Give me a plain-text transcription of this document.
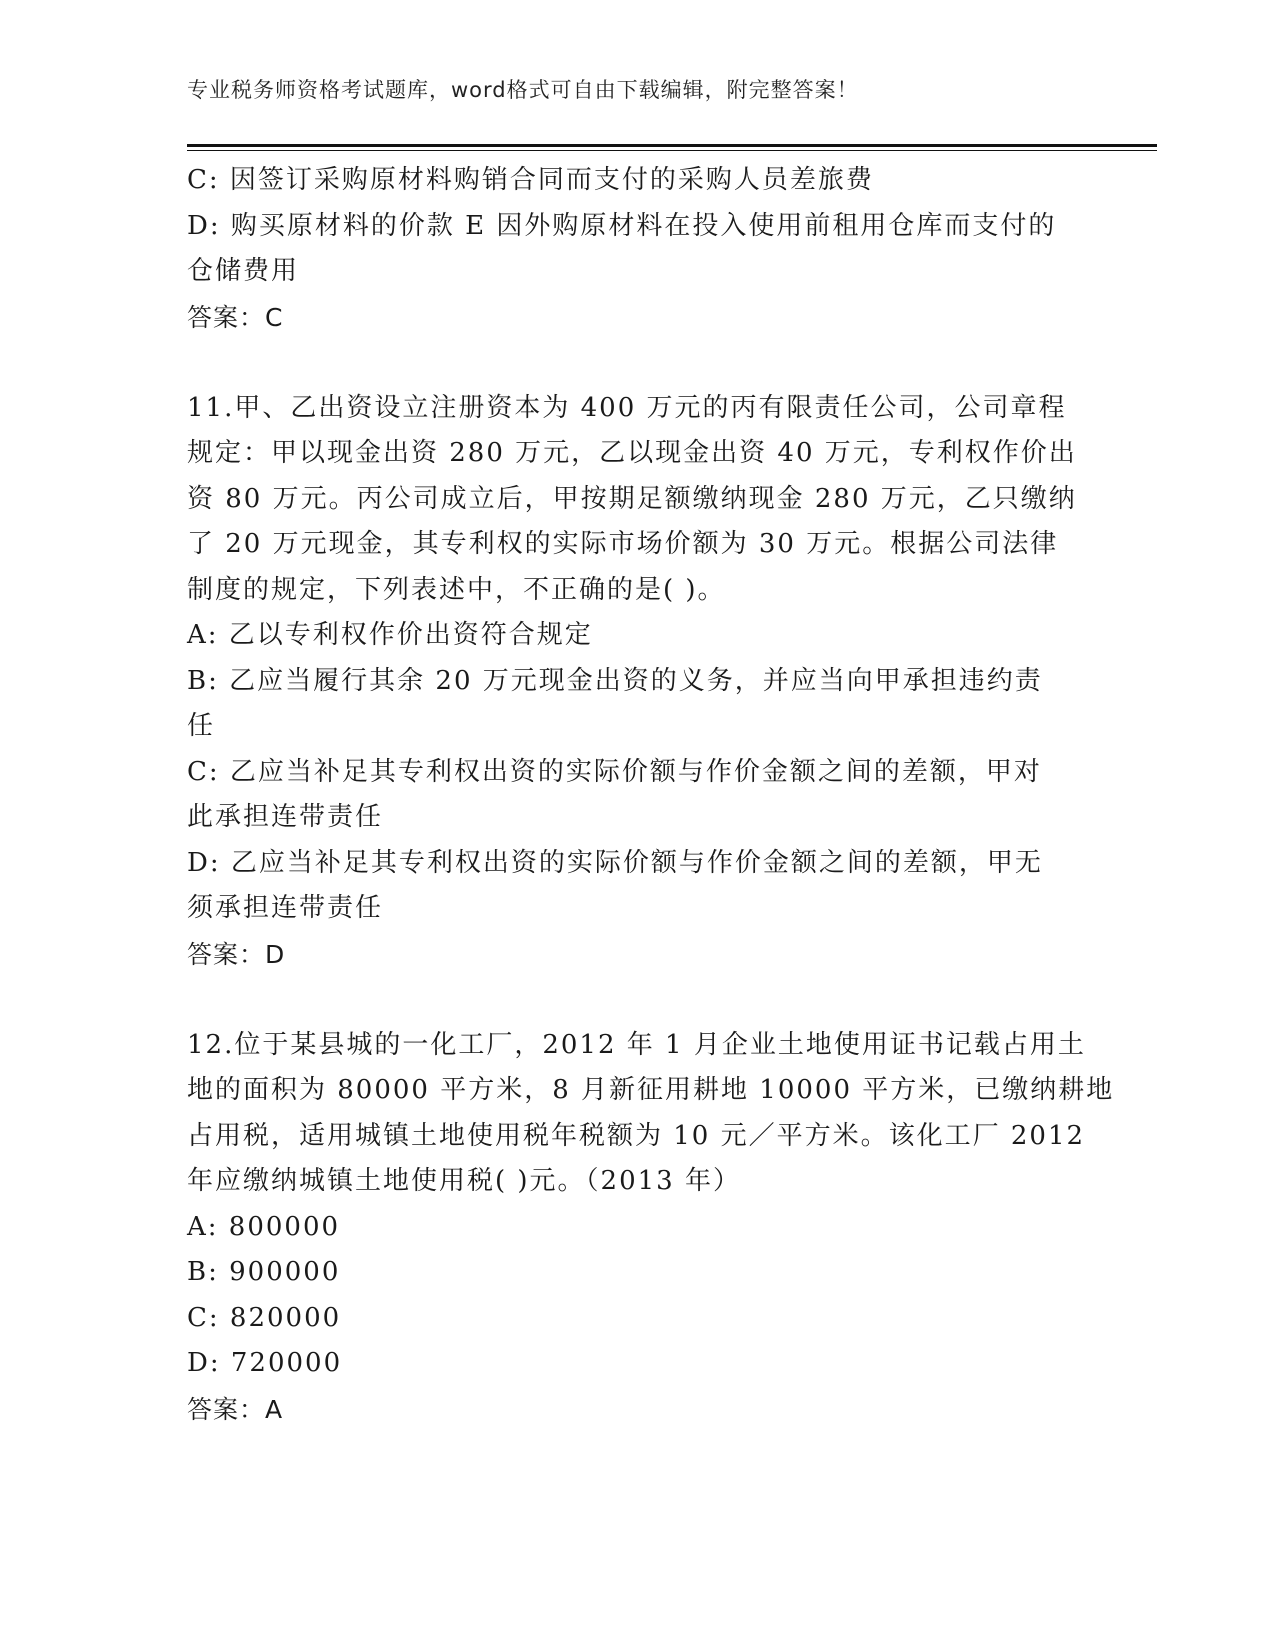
专业税务师资格考试题库，word格式可自由下载编辑，附完整答案！
C: 因签订采购原材料购销合同而支付的采购人员差旅费
D: 购买原材料的价款 E 因外购原材料在投入使用前租用仓库而支付的
仓储费用
答案：C
11.甲、乙出资设立注册资本为 400 万元的丙有限责任公司，公司章程
规定：甲以现金出资 280 万元，乙以现金出资 40 万元，专利权作价出
资 80 万元。丙公司成立后，甲按期足额缴纳现金 280 万元，乙只缴纳
了 20 万元现金，其专利权的实际市场价额为 30 万元。根据公司法律
制度的规定，下列表述中，不正确的是( )。
A: 乙以专利权作价出资符合规定
B: 乙应当履行其余 20 万元现金出资的义务，并应当向甲承担违约责
任
C: 乙应当补足其专利权出资的实际价额与作价金额之间的差额，甲对
此承担连带责任
D: 乙应当补足其专利权出资的实际价额与作价金额之间的差额，甲无
须承担连带责任
答案：D
12.位于某县城的一化工厂，2012 年 1 月企业土地使用证书记载占用土
地的面积为 80000 平方米，8 月新征用耕地 10000 平方米，已缴纳耕地
占用税，适用城镇土地使用税年税额为 10 元／平方米。该化工厂 2012
年应缴纳城镇土地使用税( )元。（2013 年）
A: 800000
B: 900000
C: 820000
D: 720000
答案：A
